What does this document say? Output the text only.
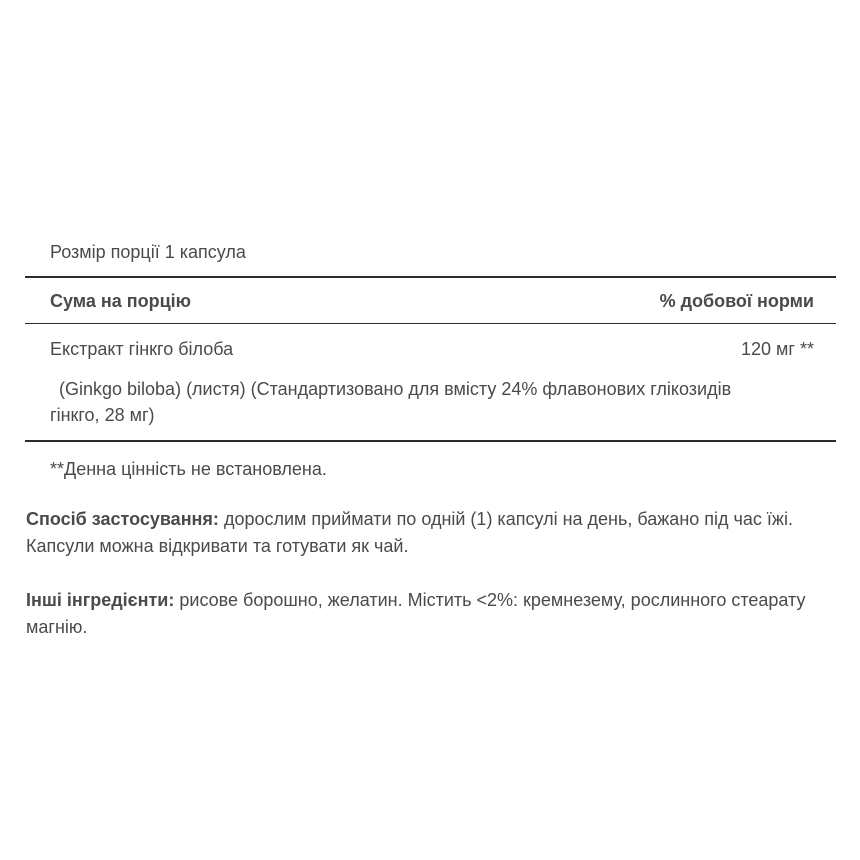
Розмір порції 1 капсула
Сума на порцію	% добової норми
Екстракт гінкго білоба	120 мг **
(Ginkgo biloba) (листя) (Стандартизовано для вмісту 24% флавонових глікозидів гінкго, 28 мг)
**Денна цінність не встановлена.
Спосіб застосування: дорослим приймати по одній (1) капсулі на день, бажано під час їжі. Капсули можна відкривати та готувати як чай.
Інші інгредієнти: рисове борошно, желатин. Містить <2%: кремнезему, рослинного стеарату магнію.
